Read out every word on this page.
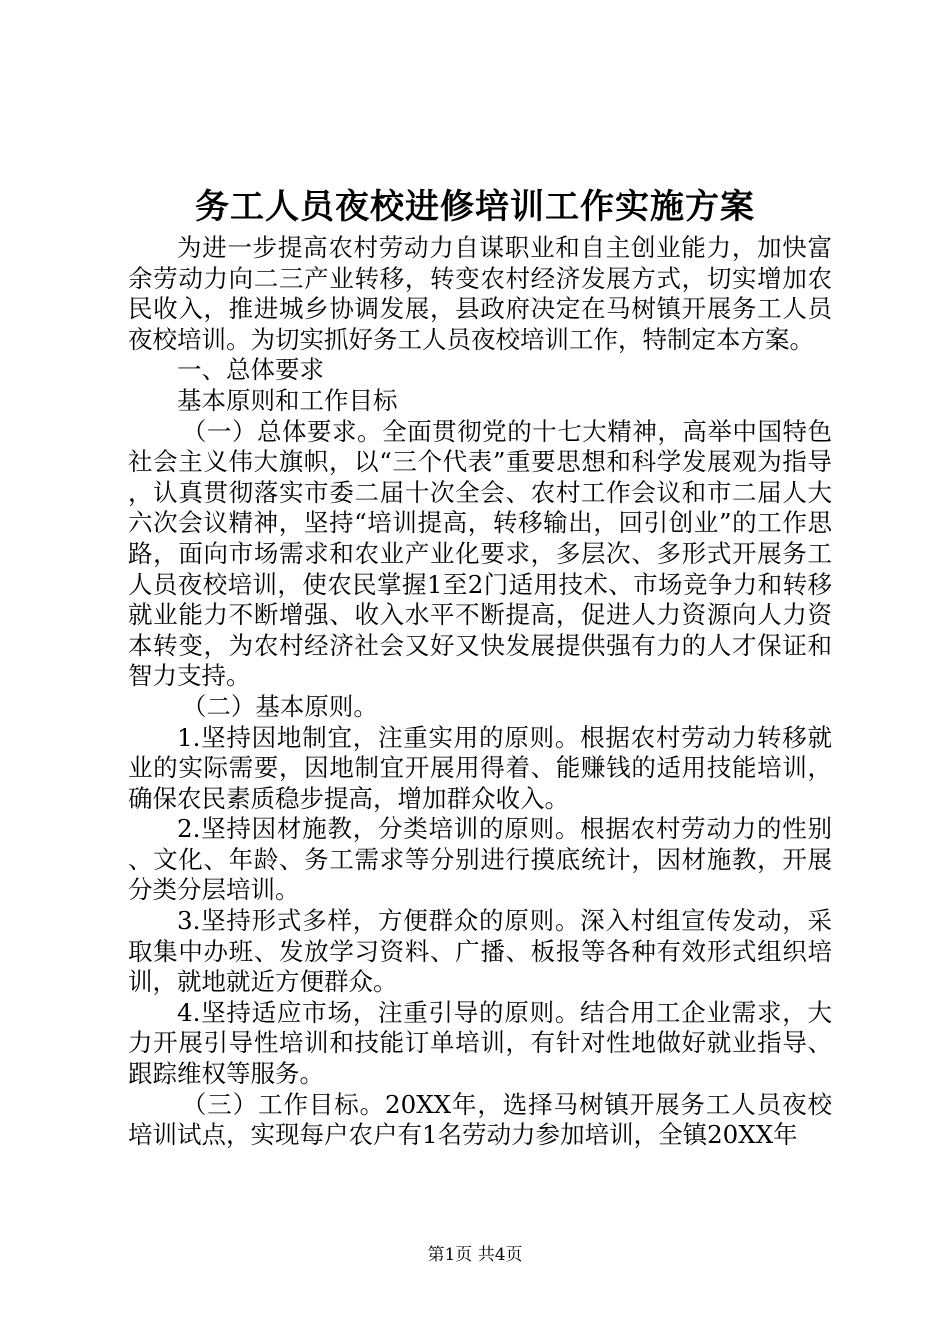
务工人员夜校进修培训工作实施方案

为进一步提高农村劳动力自谋职业和自主创业能力，加快富余劳动力向二三产业转移，转变农村经济发展方式，切实增加农民收入，推进城乡协调发展，县政府决定在马树镇开展务工人员夜校培训。为切实抓好务工人员夜校培训工作，特制定本方案。

一、总体要求

基本原则和工作目标

（一）总体要求。全面贯彻党的十七大精神，高举中国特色社会主义伟大旗帜，以“三个代表”重要思想和科学发展观为指导，认真贯彻落实市委二届十次全会、农村工作会议和市二届人大六次会议精神，坚持“培训提高，转移输出，回引创业”的工作思路，面向市场需求和农业产业化要求，多层次、多形式开展务工人员夜校培训，使农民掌握1至2门适用技术、市场竞争力和转移就业能力不断增强、收入水平不断提高，促进人力资源向人力资本转变，为农村经济社会又好又快发展提供强有力的人才保证和智力支持。

（二）基本原则。

1.坚持因地制宜，注重实用的原则。根据农村劳动力转移就业的实际需要，因地制宜开展用得着、能赚钱的适用技能培训，确保农民素质稳步提高，增加群众收入。

2.坚持因材施教，分类培训的原则。根据农村劳动力的性别、文化、年龄、务工需求等分别进行摸底统计，因材施教，开展分类分层培训。

3.坚持形式多样，方便群众的原则。深入村组宣传发动，采取集中办班、发放学习资料、广播、板报等各种有效形式组织培训，就地就近方便群众。

4.坚持适应市场，注重引导的原则。结合用工企业需求，大力开展引导性培训和技能订单培训，有针对性地做好就业指导、跟踪维权等服务。

（三）工作目标。20XX年，选择马树镇开展务工人员夜校培训试点，实现每户农户有1名劳动力参加培训，全镇20XX年

第1页 共4页
